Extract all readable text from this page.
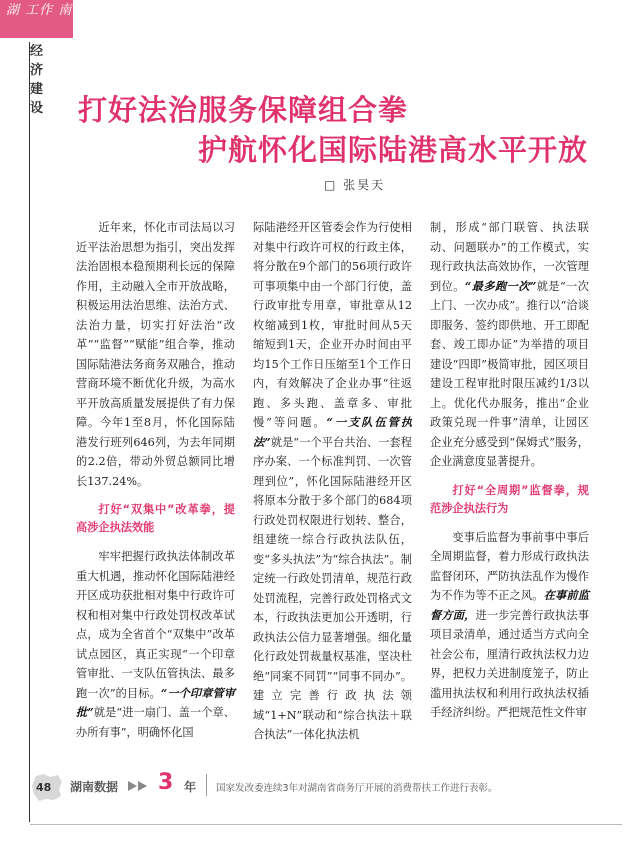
湖 工作 南
经济建设 打好法治服务保障组合拳
护航怀化国际陆港高水平开放
□ 张昊天

近年来，怀化市司法局以习近平法治思想为指引，突出发挥法治固根本稳预期利长远的保障作用，主动融入全市开放战略，积极运用法治思维、法治方式、法治力量，切实打好法治“改革”“监督”“赋能”组合拳，推动国际陆港法务商务双融合，推动营商环境不断优化升级，为高水平开放高质量发展提供了有力保障。今年1至8月，怀化国际陆港发行班列646列，为去年同期的2.2倍，带动外贸总额同比增长137.24%。

打好“双集中”改革拳，提高涉企执法效能

牢牢把握行政执法体制改革重大机遇，推动怀化国际陆港经开区成功获批相对集中行政许可权和相对集中行政处罚权改革试点，成为全省首个“双集中”改革试点园区，真正实现“一个印章管审批、一支队伍管执法、最多跑一次”的目标。“一个印章管审批”就是“进一扇门、盖一个章、办所有事”，明确怀化国

际陆港经开区管委会作为行使相对集中行政许可权的行政主体，将分散在9个部门的56项行政许可事项集中由一个部门行使，盖行政审批专用章，审批章从12枚缩减到1枚，审批时间从5天缩短到1天，企业开办时间由平均15个工作日压缩至1个工作日内，有效解决了企业办事“往返跑、多头跑、盖章多、审批慢”等问题。“一支队伍管执法”就是“一个平台共治、一套程序办案、一个标准判罚、一次管理到位”，怀化国际陆港经开区将原本分散于多个部门的684项行政处罚权限进行划转、整合，组建统一综合行政执法队伍，变“多头执法”为“综合执法”。制定统一行政处罚清单，规范行政处罚流程，完善行政处罚格式文本，行政执法更加公开透明，行政执法公信力显著增强。细化量化行政处罚裁量权基准，坚决杜绝“同案不同罚”“同事不同办”。建立完善行政执法领域“1+N”联动和“综合执法＋联合执法”一体化执法机

制，形成“部门联管、执法联动、问题联办”的工作模式，实现行政执法高效协作，一次管理到位。“最多跑一次”就是“一次上门、一次办成”。推行以“洽谈即服务、签约即供地、开工即配套、竣工即办证”为举措的项目建设“四即”极简审批，园区项目建设工程审批时限压减约1/3以上。优化代办服务，推出“企业政策兑现一件事”清单，让园区企业充分感受到“保姆式”服务，企业满意度显著提升。

打好“全周期”监督拳，规范涉企执法行为

变事后监督为事前事中事后全周期监督，着力形成行政执法监督闭环，严防执法乱作为慢作为不作为等不正之风。在事前监督方面，进一步完善行政执法事项目录清单，通过适当方式向全社会公布，厘清行政执法权力边界，把权力关进制度笼子，防止滥用执法权和利用行政执法权插手经济纠纷。严把规范性文件审

48 湖南数据 3 年 国家发改委连续3年对湖南省商务厅开展的消费帮扶工作进行表彰。
